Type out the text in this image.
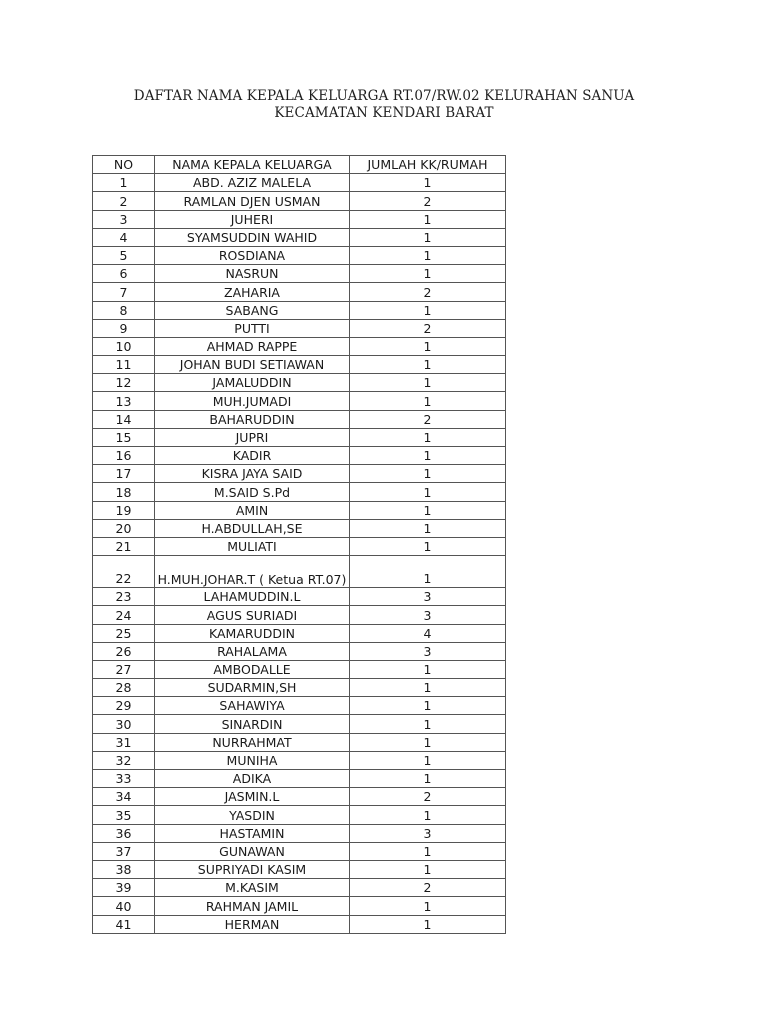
DAFTAR NAMA KEPALA KELUARGA RT.07/RW.02 KELURAHAN SANUA
KECAMATAN KENDARI BARAT
NO	NAMA KEPALA KELUARGA	JUMLAH KK/RUMAH
1	ABD. AZIZ MALELA	1
2	RAMLAN DJEN USMAN	2
3	JUHERI	1
4	SYAMSUDDIN WAHID	1
5	ROSDIANA	1
6	NASRUN	1
7	ZAHARIA	2
8	SABANG	1
9	PUTTI	2
10	AHMAD RAPPE	1
11	JOHAN BUDI SETIAWAN	1
12	JAMALUDDIN	1
13	MUH.JUMADI	1
14	BAHARUDDIN	2
15	JUPRI	1
16	KADIR	1
17	KISRA JAYA SAID	1
18	M.SAID S.Pd	1
19	AMIN	1
20	H.ABDULLAH,SE	1
21	MULIATI	1
22	H.MUH.JOHAR.T ( Ketua RT.07)	1
23	LAHAMUDDIN.L	3
24	AGUS SURIADI	3
25	KAMARUDDIN	4
26	RAHALAMA	3
27	AMBODALLE	1
28	SUDARMIN,SH	1
29	SAHAWIYA	1
30	SINARDIN	1
31	NURRAHMAT	1
32	MUNIHA	1
33	ADIKA	1
34	JASMIN.L	2
35	YASDIN	1
36	HASTAMIN	3
37	GUNAWAN	1
38	SUPRIYADI KASIM	1
39	M.KASIM	2
40	RAHMAN JAMIL	1
41	HERMAN	1
